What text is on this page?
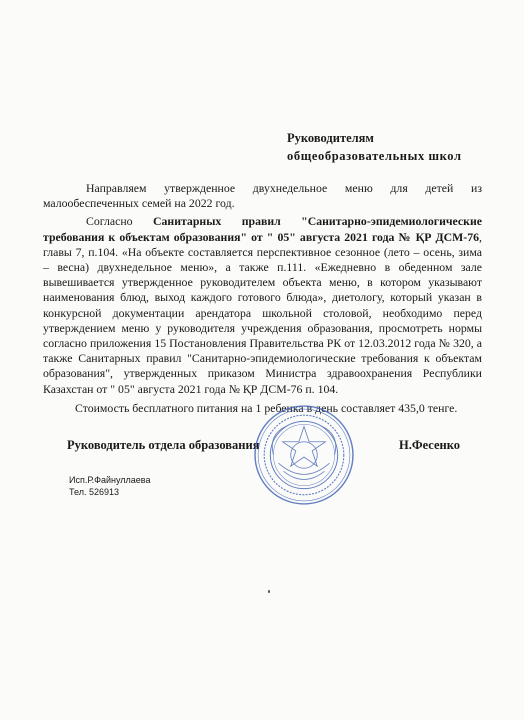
Руководителям
общеобразовательных школ

Направляем утвержденное двухнедельное меню для детей из малообеспеченных семей на 2022 год.

Согласно Санитарных правил "Санитарно-эпидемиологические требования к объектам образования" от " 05" августа 2021 года № ҚР ДСМ-76, главы 7, п.104. «На объекте составляется перспективное сезонное (лето – осень, зима – весна) двухнедельное меню», а также п.111. «Ежедневно в обеденном зале вывешивается утвержденное руководителем объекта меню, в котором указывают наименования блюд, выход каждого готового блюда», диетологу, который указан в конкурсной документации арендатора школьной столовой, необходимо перед утверждением меню у руководителя учреждения образования, просмотреть нормы согласно приложения 15 Постановления Правительства РК от 12.03.2012 года № 320, а также Санитарных правил "Санитарно-эпидемиологические требования к объектам образования", утвержденных приказом Министра здравоохранения Республики Казахстан от " 05" августа 2021 года № ҚР ДСМ-76 п. 104.

Стоимость бесплатного питания на 1 ребенка в день составляет 435,0 тенге.

Руководитель отдела образования	Н.Фесенко
Исп.Р.Файнуллаева
Тел. 526913
